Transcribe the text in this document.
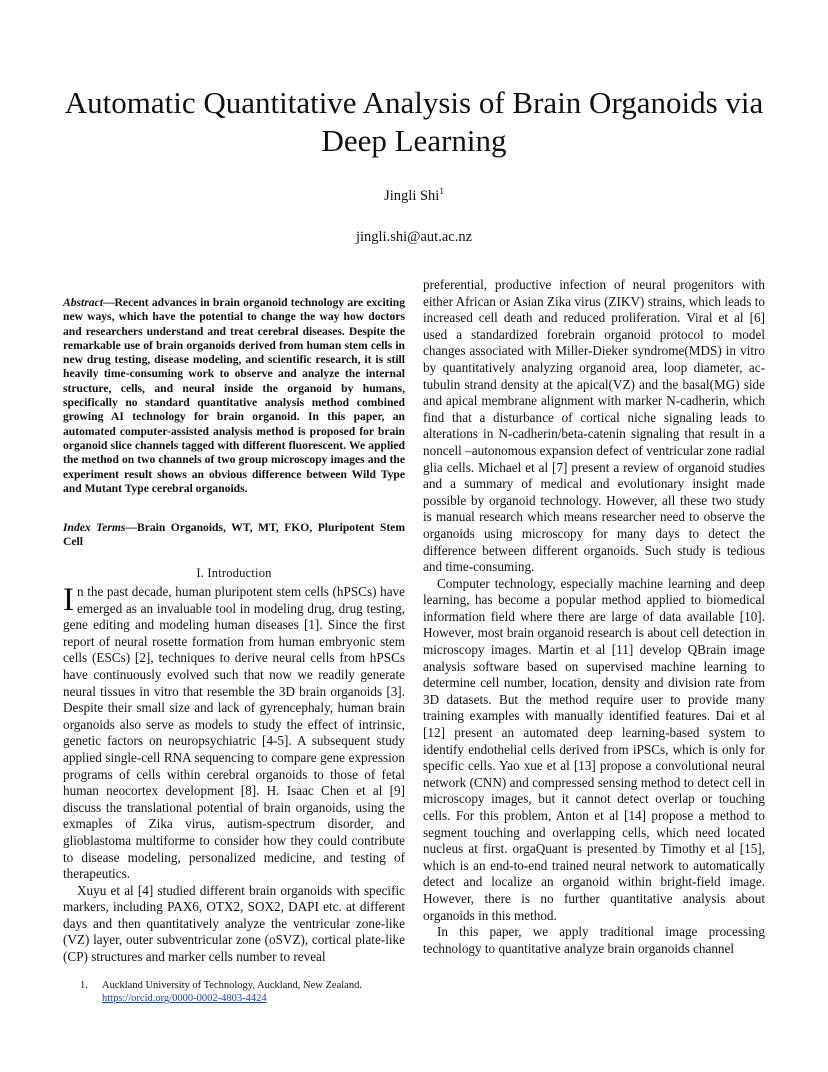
Automatic Quantitative Analysis of Brain Organoids via Deep Learning
Jingli Shi$^1$
jingli.shi@aut.ac.nz
Abstract—Recent advances in brain organoid technology are exciting new ways, which have the potential to change the way how doctors and researchers understand and treat cerebral diseases. Despite the remarkable use of brain organoids derived from human stem cells in new drug testing, disease modeling, and scientific research, it is still heavily time-consuming work to observe and analyze the internal structure, cells, and neural inside the organoid by humans, specifically no standard quantitative analysis method combined growing AI technology for brain organoid. In this paper, an automated computer-assisted analysis method is proposed for brain organoid slice channels tagged with different fluorescent. We applied the method on two channels of two group microscopy images and the experiment result shows an obvious difference between Wild Type and Mutant Type cerebral organoids.
Index Terms—Brain Organoids, WT, MT, FKO, Pluripotent Stem Cell
I. Introduction

In the past decade, human pluripotent stem cells (hPSCs) have emerged as an invaluable tool in modeling drug, drug testing, gene editing and modeling human diseases [1]. Since the first report of neural rosette formation from human embryonic stem cells (ESCs) [2], techniques to derive neural cells from hPSCs have continuously evolved such that now we readily generate neural tissues in vitro that resemble the 3D brain organoids [3]. Despite their small size and lack of gyrencephaly, human brain organoids also serve as models to study the effect of intrinsic, genetic factors on neuropsychiatric [4-5]. A subsequent study applied single-cell RNA sequencing to compare gene expression programs of cells within cerebral organoids to those of fetal human neocortex development [8]. H. Isaac Chen et al [9] discuss the translational potential of brain organoids, using the exmaples of Zika virus, autism-spectrum disorder, and glioblastoma multiforme to consider how they could contribute to disease modeling, personalized medicine, and testing of therapeutics.

Xuyu et al [4] studied different brain organoids with specific markers, including PAX6, OTX2, SOX2, DAPI etc. at different days and then quantitatively analyze the ventricular zone-like (VZ) layer, outer subventricular zone (oSVZ), cortical plate-like (CP) structures and marker cells number to reveal

preferential, productive infection of neural progenitors with either African or Asian Zika virus (ZIKV) strains, which leads to increased cell death and reduced proliferation. Viral et al [6] used a standardized forebrain organoid protocol to model changes associated with Miller-Dieker syndrome(MDS) in vitro by quantitatively analyzing organoid area, loop diameter, ac-tubulin strand density at the apical(VZ) and the basal(MG) side and apical membrane alignment with marker N-cadherin, which find that a disturbance of cortical niche signaling leads to alterations in N-cadherin/beta-catenin signaling that result in a noncell –autonomous expansion defect of ventricular zone radial glia cells. Michael et al [7] present a review of organoid studies and a summary of medical and evolutionary insight made possible by organoid technology. However, all these two study is manual research which means researcher need to observe the organoids using microscopy for many days to detect the difference between different organoids. Such study is tedious and time-consuming.

Computer technology, especially machine learning and deep learning, has become a popular method applied to biomedical information field where there are large of data available [10]. However, most brain organoid research is about cell detection in microscopy images. Martin et al [11] develop QBrain image analysis software based on supervised machine learning to determine cell number, location, density and division rate from 3D datasets. But the method require user to provide many training examples with manually identified features. Dai et al [12] present an automated deep learning-based system to identify endothelial cells derived from iPSCs, which is only for specific cells. Yao xue et al [13] propose a convolutional neural network (CNN) and compressed sensing method to detect cell in microscopy images, but it cannot detect overlap or touching cells. For this problem, Anton et al [14] propose a method to segment touching and overlapping cells, which need located nucleus at first. orgaQuant is presented by Timothy et al [15], which is an end-to-end trained neural network to automatically detect and localize an organoid within bright-field image. However, there is no further quantitative analysis about organoids in this method.

In this paper, we apply traditional image processing technology to quantitative analyze brain organoids channel

1. Auckland University of Technology, Auckland, New Zealand.
https://orcid.org/0000-0002-4803-4424
